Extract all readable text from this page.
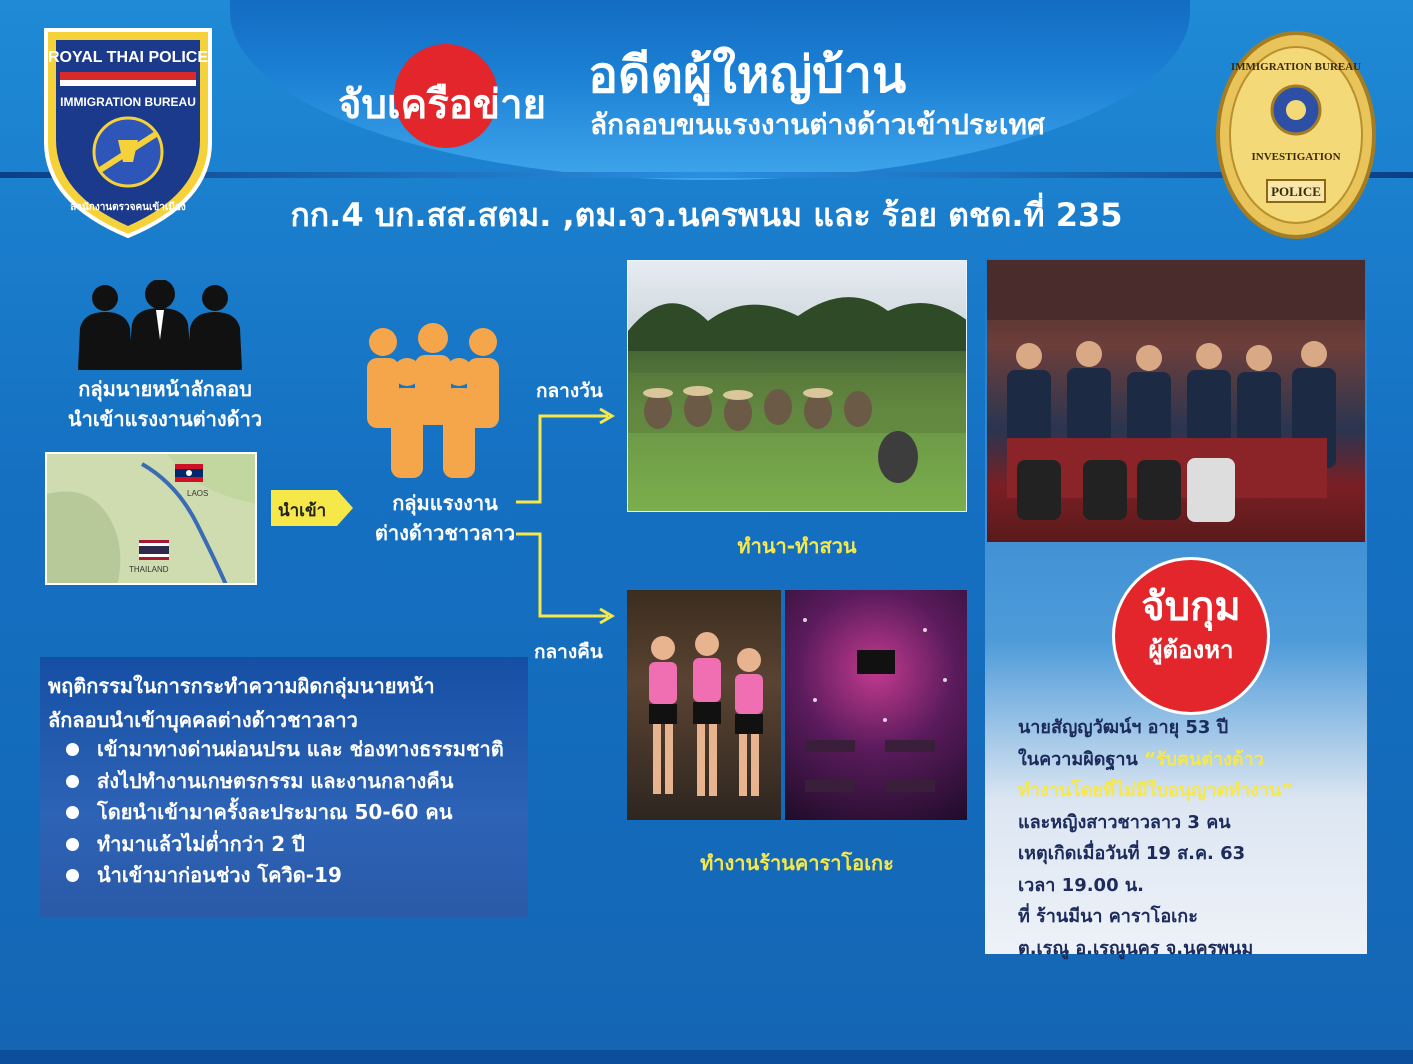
ROYAL THAI POLICE
IMMIGRATION BUREAU
สำนักงานตรวจคนเข้าเมือง
IMMIGRATION BUREAU
INVESTIGATION
POLICE
จับเครือข่าย
อดีตผู้ใหญ่บ้าน
ลักลอบขนแรงงานต่างด้าวเข้าประเทศ
กก.4 บก.สส.สตม. ,ตม.จว.นครพนม และ ร้อย ตชด.ที่ 235
กลุ่มนายหน้าลักลอบ
นำเข้าแรงงานต่างด้าว
LAOS
THAILAND
นำเข้า	กลุ่มแรงงาน
ต่างด้าวชาวลาว
กลางวัน
กลางคืน
ทำนา-ทำสวน
ทำงานร้านคาราโอเกะ
จับกุม
ผู้ต้องหา
นายสัญญวัฒน์ฯ อายุ 53 ปี
ในความผิดฐาน “รับคนต่างด้าว
ทำงานโดยที่ไม่มีใบอนุญาตทำงาน”
และหญิงสาวชาวลาว 3 คน
เหตุเกิดเมื่อวันที่ 19 ส.ค. 63
เวลา 19.00 น.
ที่ ร้านมีนา คาราโอเกะ
ต.เรณู อ.เรณูนคร จ.นครพนม
พฤติกรรมในการกระทำความผิดกลุ่มนายหน้า
ลักลอบนำเข้าบุคคลต่างด้าวชาวลาว
เข้ามาทางด่านผ่อนปรน และ ช่องทางธรรมชาติ
ส่งไปทำงานเกษตรกรรม และงานกลางคืน
โดยนำเข้ามาครั้งละประมาณ 50-60 คน
ทำมาแล้วไม่ต่ำกว่า 2 ปี
นำเข้ามาก่อนช่วง โควิด-19
